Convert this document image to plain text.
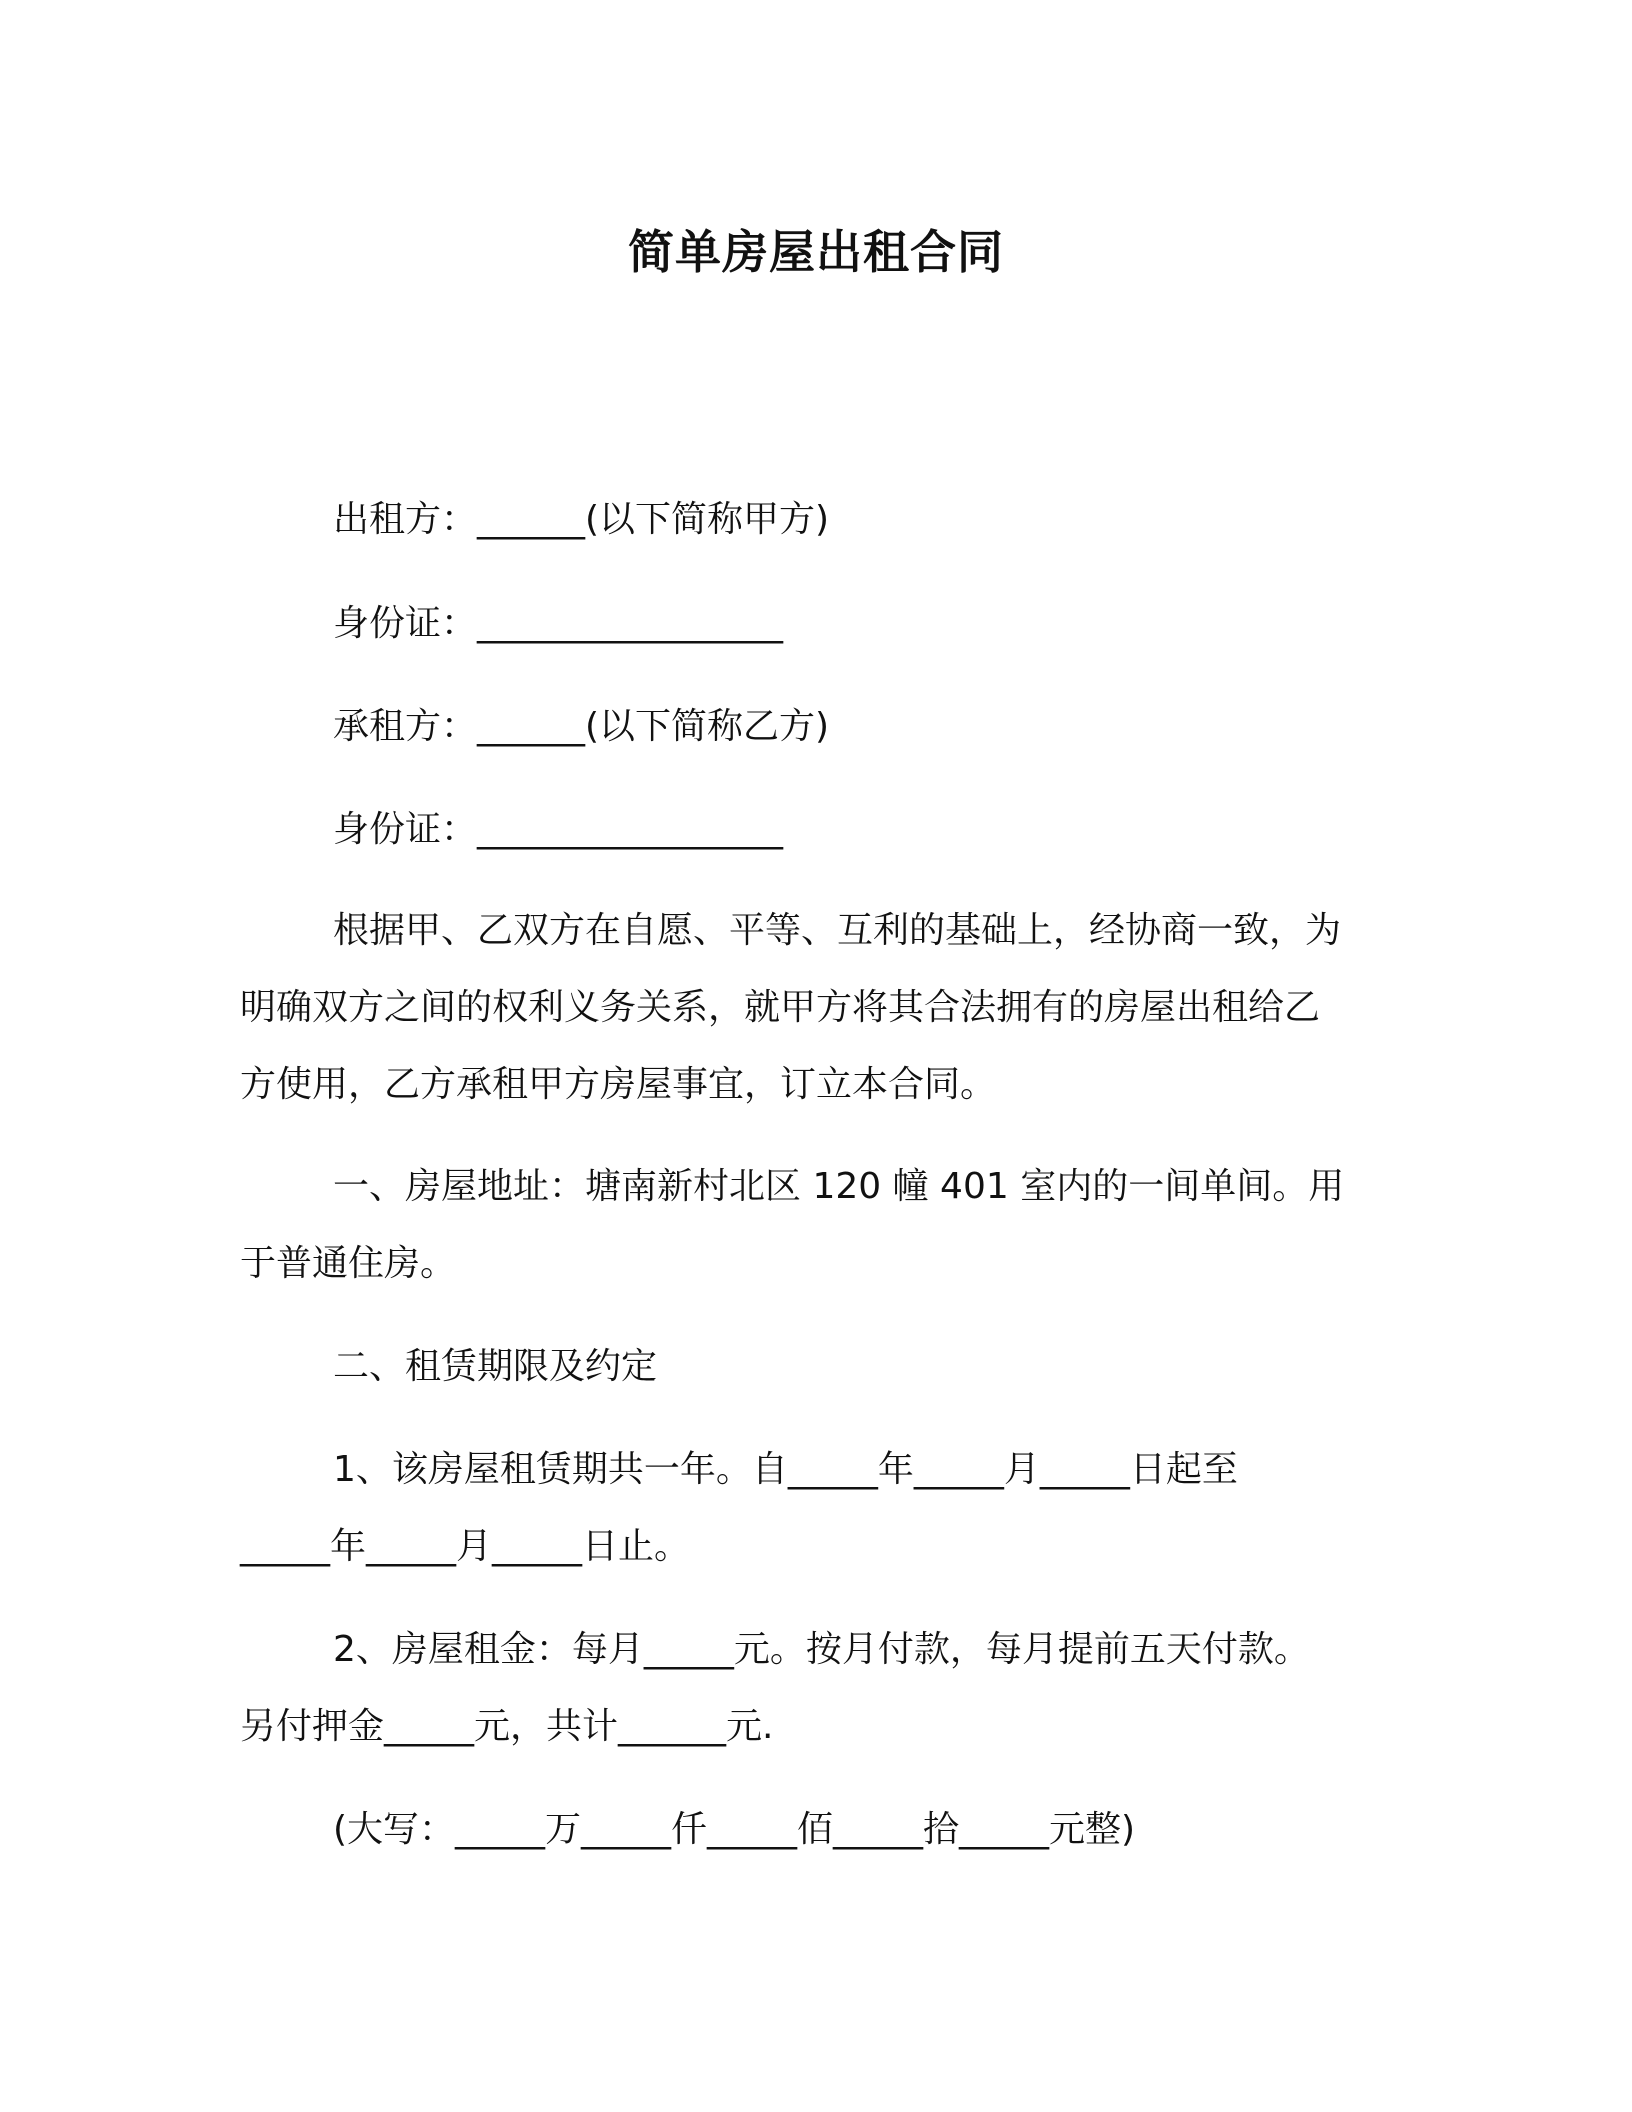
简单房屋出租合同
出租方：______(以下简称甲方)
身份证：_________________
承租方：______(以下简称乙方)
身份证：_________________
根据甲、乙双方在自愿、平等、互利的基础上，经协商一致，为
明确双方之间的权利义务关系，就甲方将其合法拥有的房屋出租给乙
方使用，乙方承租甲方房屋事宜，订立本合同。
一、房屋地址：塘南新村北区 120 幢 401 室内的一间单间。用
于普通住房。
二、租赁期限及约定
1、该房屋租赁期共一年。自_____年_____月_____日起至
_____年_____月_____日止。
2、房屋租金：每月_____元。按月付款，每月提前五天付款。
另付押金_____元，共计______元.
(大写：_____万_____仟_____佰_____拾_____元整)
